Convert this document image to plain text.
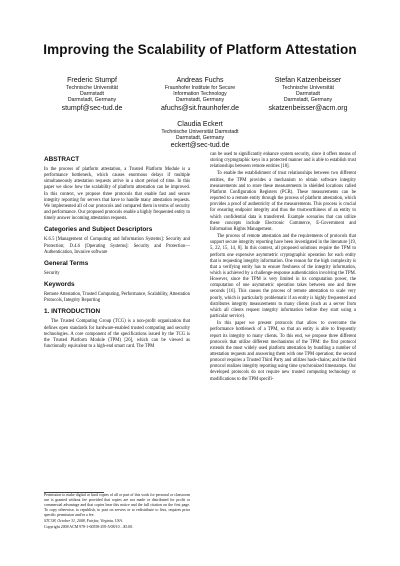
Improving the Scalability of Platform Attestation
Frederic Stumpf
Technische Universität
Darmstadt
Darmstadt, Germany
stumpf@sec-tud.de
Andreas Fuchs
Fraunhofer Institute for Secure
Information Technology
Darmstadt, Germany
afuchs@sit.fraunhofer.de
Stefan Katzenbeisser
Technische Universität
Darmstadt
Darmstadt, Germany
skatzenbeisser@acm.org
Claudia Eckert
Technische Universität Darmstadt
Darmstadt, Germany
eckert@sec-tud.de
ABSTRACT

In the process of platform attestation, a Trusted Platform Module is a performance bottleneck, which causes enormous delays if multiple simultaneously attestation requests arrive in a short period of time. In this paper we show how the scalability of platform attestation can be improved. In this context, we propose three protocols that enable fast and secure integrity reporting for servers that have to handle many attestation requests. We implemented all of our protocols and compared them in terms of security and performance. Our proposed protocols enable a highly frequented entity to timely answer incoming attestation requests.

Categories and Subject Descriptors

K.6.5 [Management of Computing and Information Systems]: Security and Protection; D.4.6 [Operating Systems]: Security and Protection—Authentication, Invasive software

General Terms

Security

Keywords

Remote Attestation, Trusted Computing, Performance, Scalability, Attestation Protocols, Integrity Reporting

1. INTRODUCTION

The Trusted Computing Group (TCG) is a non-profit organization that defines open standards for hardware-enabled trusted computing and security technologies. A core component of the specifications issued by the TCG is the Trusted Platform Module (TPM) [26], which can be viewed as functionally equivalent to a high-end smart card. The TPM

Permission to make digital or hard copies of all or part of this work for personal or classroom use is granted without fee provided that copies are not made or distributed for profit or commercial advantage and that copies bear this notice and the full citation on the first page. To copy otherwise, to republish, to post on servers or to redistribute to lists, requires prior specific permission and/or a fee.

STC'08, October 31, 2008, Fairfax, Virginia, USA.

Copyright 2008 ACM 978-1-60558-295-5/08/10 ...$5.00.

can be used to significantly enhance system security, since it offers means of storing cryptographic keys in a protected manner and is able to establish trust relationships between remote entities [18].

To enable the establishment of trust relationships between two different entities, the TPM provides a mechanism to obtain software integrity measurements and to store these measurements in shielded locations called Platform Configuration Registers (PCR). These measurements can be reported to a remote entity through the process of platform attestation, which provides a proof of authenticity of the measurements. This process is crucial for ensuring endpoint integrity and thus the trustworthiness of an entity to which confidential data is transferred. Example scenarios that can utilize these concepts include Electronic Commerce, E-Government and Information Rights Management.

The process of remote attestation and the requirements of protocols that support secure integrity reporting have been investigated in the literature [19, 5, 22, 15, 14, 8]. In this context, all proposed solutions require the TPM to perform one expensive asymmetric cryptographic operation for each entity that is requesting integrity information. One reason for the high complexity is that a verifying entity has to ensure freshness of the integrity information, which is achieved by a challenge-response authentication involving the TPM. However, since the TPM is very limited in its computation power, the computation of one asymmetric operation takes between one and three seconds [16]. This causes the process of remote attestation to scale very poorly, which is particularly problematic if an entity is highly frequented and distributes integrity measurements to many clients (such as a server from which all clients request integrity information before they start using a particular service).

In this paper we present protocols that allow to overcome the performance bottleneck of a TPM, so that an entity is able to frequently report its integrity to many clients. To this end, we propose three different protocols that utilize different mechanisms of the TPM: the first protocol extends the most widely used platform attestation by bundling a number of attestation requests and answering them with one TPM operation; the second protocol requires a Trusted Third Party and utilizes hash-chains; and the third protocol realizes integrity reporting using time synchronized timestamps. Our developed protocols do not require new trusted computing technology or modifications to the TPM specifi-
